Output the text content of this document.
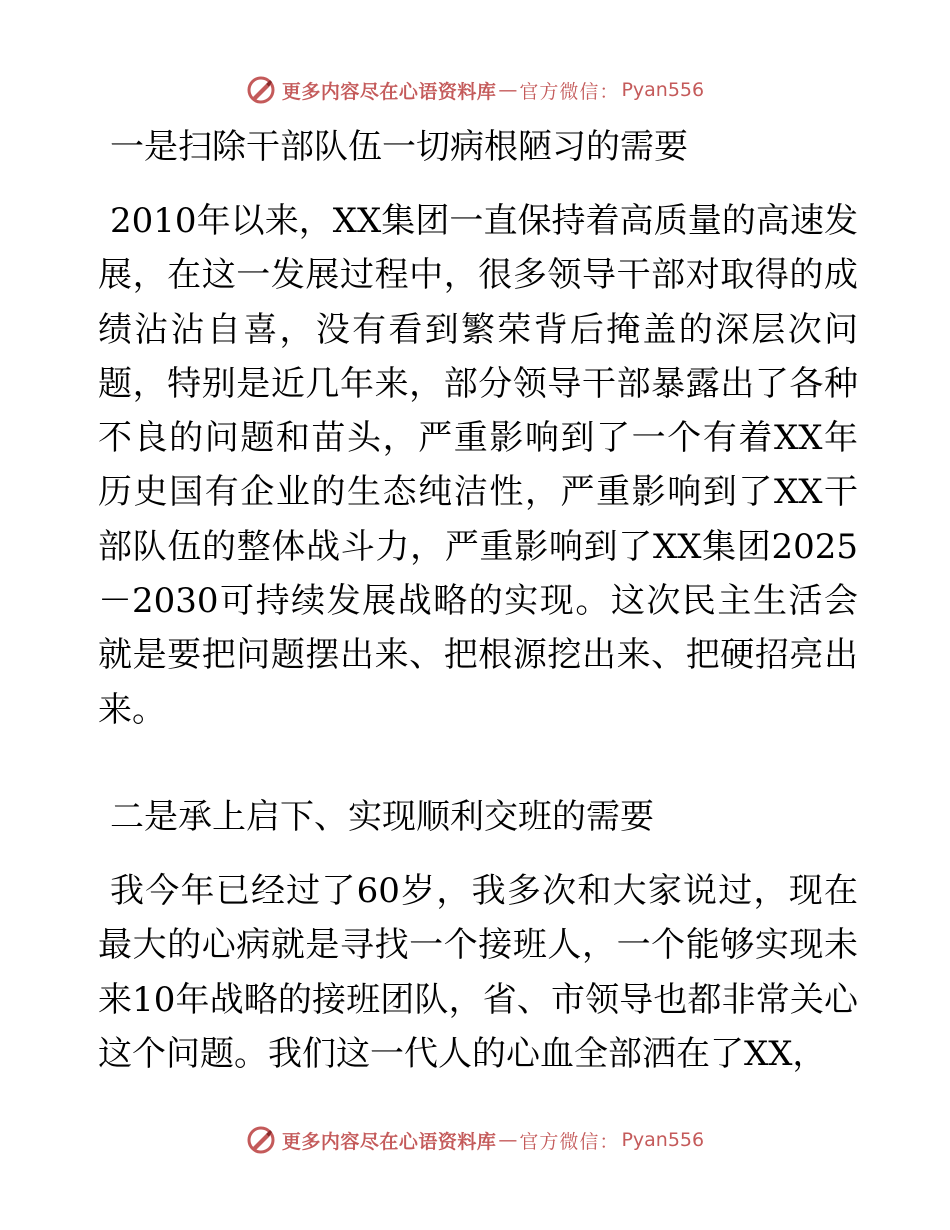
更多内容尽在心语资料库 — 官方微信： Pyan556
一是扫除干部队伍一切病根陋习的需要

2010年以来，XX集团一直保持着高质量的高速发展，在这一发展过程中，很多领导干部对取得的成绩沾沾自喜，没有看到繁荣背后掩盖的深层次问题，特别是近几年来，部分领导干部暴露出了各种不良的问题和苗头，严重影响到了一个有着XX年历史国有企业的生态纯洁性，严重影响到了XX干部队伍的整体战斗力，严重影响到了XX集团2025－2030可持续发展战略的实现。这次民主生活会就是要把问题摆出来、把根源挖出来、把硬招亮出来。

二是承上启下、实现顺利交班的需要

我今年已经过了60岁，我多次和大家说过，现在最大的心病就是寻找一个接班人，一个能够实现未来10年战略的接班团队，省、市领导也都非常关心这个问题。我们这一代人的心血全部洒在了XX，

更多内容尽在心语资料库 — 官方微信： Pyan556
